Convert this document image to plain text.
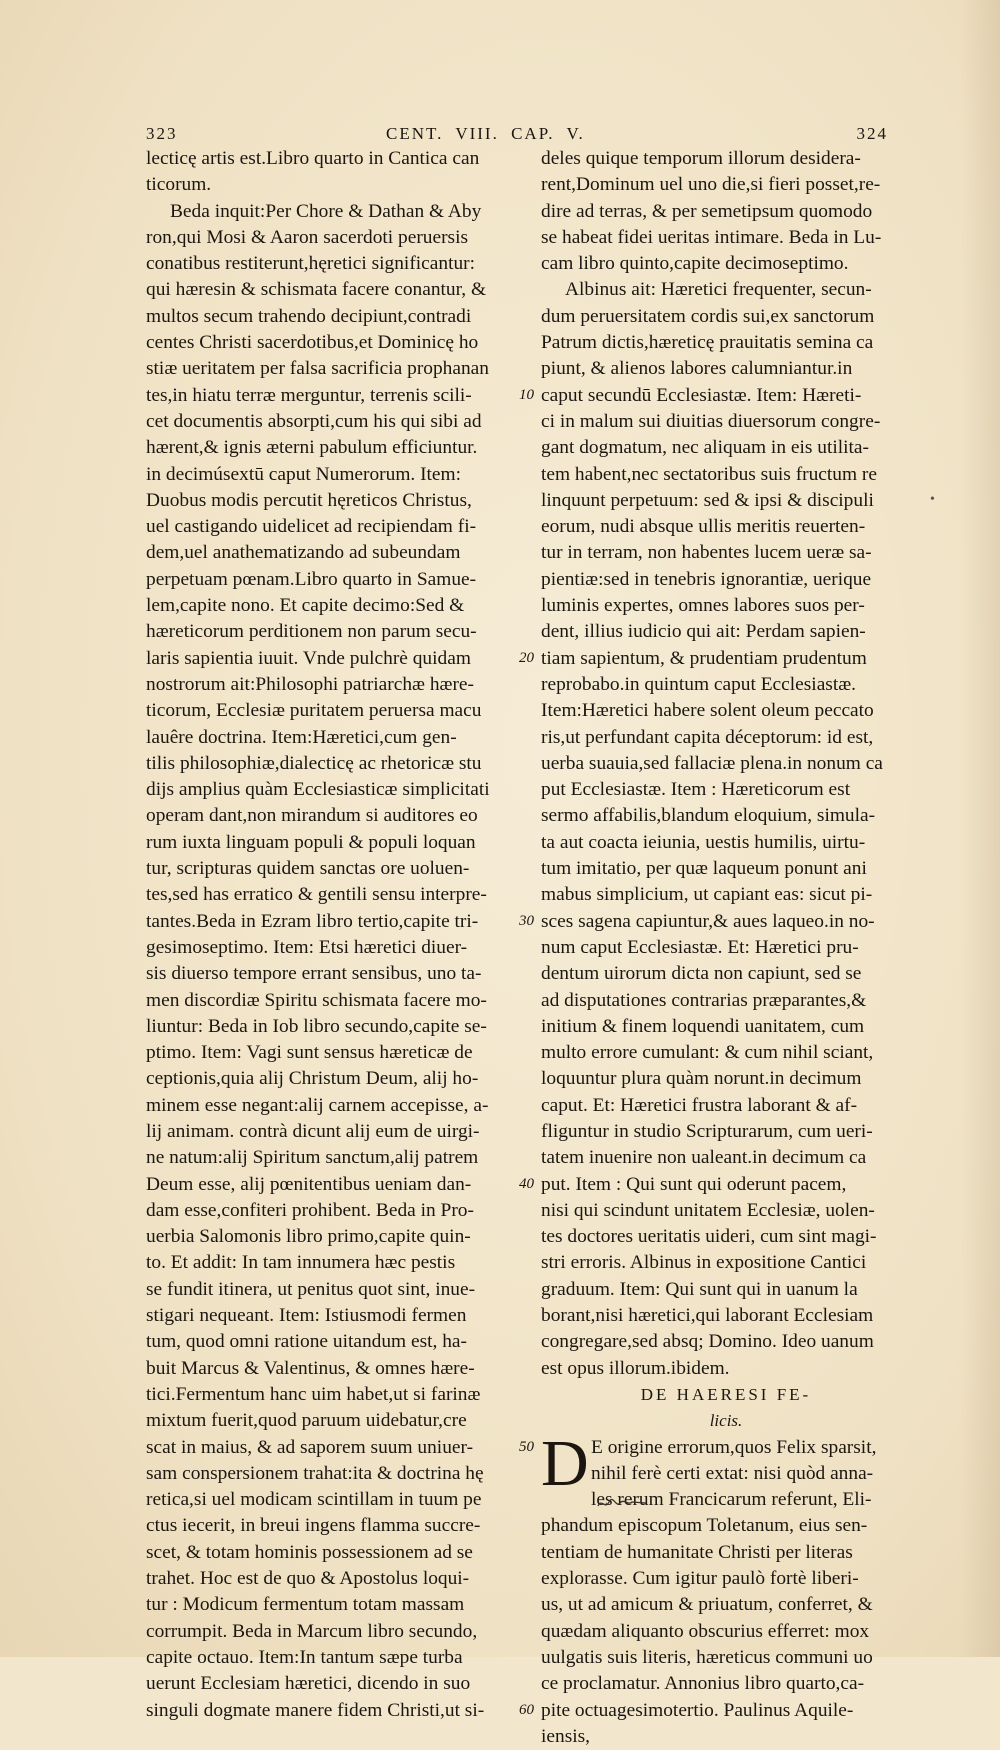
323	CENT. VIII. CAP. V.	324
lecticę artis est.Libro quarto in Cantica can
ticorum.
Beda inquit:Per Chore & Dathan & Aby
ron,qui Mosi & Aaron sacerdoti peruersis
conatibus restiterunt,hęretici significantur:
qui hæresin & schismata facere conantur, &
multos secum trahendo decipiunt,contradi
centes Christi sacerdotibus,et Dominicę ho
stiæ ueritatem per falsa sacrificia prophanan
tes,in hiatu terræ merguntur, terrenis scili-
cet documentis absorpti,cum his qui sibi ad
hærent,& ignis æterni pabulum efficiuntur.
in decimúsextū caput Numerorum. Item:
Duobus modis percutit hęreticos Christus,
uel castigando uidelicet ad recipiendam fi-
dem,uel anathematizando ad subeundam
perpetuam pœnam.Libro quarto in Samue-
lem,capite nono. Et capite decimo:Sed &
hæreticorum perditionem non parum secu-
laris sapientia iuuit. Vnde pulchrè quidam
nostrorum ait:Philosophi patriarchæ hære-
ticorum, Ecclesiæ puritatem peruersa macu
lauêre doctrina. Item:Hæretici,cum gen-
tilis philosophiæ,dialecticę ac rhetoricæ stu
dijs amplius quàm Ecclesiasticæ simplicitati
operam dant,non mirandum si auditores eo
rum iuxta linguam populi & populi loquan
tur, scripturas quidem sanctas ore uoluen-
tes,sed has erratico & gentili sensu interpre-
tantes.Beda in Ezram libro tertio,capite tri-
gesimoseptimo. Item: Etsi hæretici diuer-
sis diuerso tempore errant sensibus, uno ta-
men discordiæ Spiritu schismata facere mo-
liuntur: Beda in Iob libro secundo,capite se-
ptimo. Item: Vagi sunt sensus hæreticæ de
ceptionis,quia alij Christum Deum, alij ho-
minem esse negant:alij carnem accepisse, a-
lij animam. contrà dicunt alij eum de uirgi-
ne natum:alij Spiritum sanctum,alij patrem
Deum esse, alij pœnitentibus ueniam dan-
dam esse,confiteri prohibent. Beda in Pro-
uerbia Salomonis libro primo,capite quin-
to. Et addit: In tam innumera hæc pestis
se fundit itinera, ut penitus quot sint, inue-
stigari nequeant. Item: Istiusmodi fermen
tum, quod omni ratione uitandum est, ha-
buit Marcus & Valentinus, & omnes hære-
tici.Fermentum hanc uim habet,ut si farinæ
mixtum fuerit,quod paruum uidebatur,cre
scat in maius, & ad saporem suum uniuer-
sam conspersionem trahat:ita & doctrina hę
retica,si uel modicam scintillam in tuum pe
ctus iecerit, in breui ingens flamma succre-
scet, & totam hominis possessionem ad se
trahet. Hoc est de quo & Apostolus loqui-
tur : Modicum fermentum totam massam
corrumpit. Beda in Marcum libro secundo,
capite octauo. Item:In tantum sæpe turba
uerunt Ecclesiam hæretici, dicendo in suo
singuli dogmate manere fidem Christi,ut si-
deles quique temporum illorum desidera-
rent,Dominum uel uno die,si fieri posset,re-
dire ad terras, & per semetipsum quomodo
se habeat fidei ueritas intimare. Beda in Lu-
cam libro quinto,capite decimoseptimo.
Albinus ait: Hæretici frequenter, secun-
dum peruersitatem cordis sui,ex sanctorum
Patrum dictis,hæreticę prauitatis semina ca
piunt, & alienos labores calumniantur.in
caput secundū Ecclesiastæ. Item: Hæreti-
ci in malum sui diuitias diuersorum congre-
gant dogmatum, nec aliquam in eis utilita-
tem habent,nec sectatoribus suis fructum re
linquunt perpetuum: sed & ipsi & discipuli
eorum, nudi absque ullis meritis reuerten-
tur in terram, non habentes lucem ueræ sa-
pientiæ:sed in tenebris ignorantiæ, uerique
luminis expertes, omnes labores suos per-
dent, illius iudicio qui ait: Perdam sapien-
tiam sapientum, & prudentiam prudentum
reprobabo.in quintum caput Ecclesiastæ.
Item:Hæretici habere solent oleum peccato
ris,ut perfundant capita déceptorum: id est,
uerba suauia,sed fallaciæ plena.in nonum ca
put Ecclesiastæ. Item : Hæreticorum est
sermo affabilis,blandum eloquium, simula-
ta aut coacta ieiunia, uestis humilis, uirtu-
tum imitatio, per quæ laqueum ponunt ani
mabus simplicium, ut capiant eas: sicut pi-
sces sagena capiuntur,& aues laqueo.in no-
num caput Ecclesiastæ. Et: Hæretici pru-
dentum uirorum dicta non capiunt, sed se
ad disputationes contrarias præparantes,&
initium & finem loquendi uanitatem, cum
multo errore cumulant: & cum nihil sciant,
loquuntur plura quàm norunt.in decimum
caput. Et: Hæretici frustra laborant & af-
fliguntur in studio Scripturarum, cum ueri-
tatem inuenire non ualeant.in decimum ca
put. Item : Qui sunt qui oderunt pacem,
nisi qui scindunt unitatem Ecclesiæ, uolen-
tes doctores ueritatis uideri, cum sint magi-
stri erroris. Albinus in expositione Cantici
graduum. Item: Qui sunt qui in uanum la
borant,nisi hæretici,qui laborant Ecclesiam
congregare,sed absq; Domino. Ideo uanum
est opus illorum.ibidem.
DE HAERESI FE-
licis.
D E origine errorum,quos Felix sparsit,
nihil ferè certi extat: nisi quòd anna-
les rerum Francicarum referunt, Eli-
phandum episcopum Toletanum, eius sen-
tentiam de humanitate Christi per literas
explorasse. Cum igitur paulò fortè liberi-
us, ut ad amicum & priuatum, conferret, &
quædam aliquanto obscurius efferret: mox
uulgatis suis literis, hæreticus communi uo
ce proclamatur. Annonius libro quarto,ca-
pite octuagesimotertio. Paulinus Aquile-
iensis,
10
20
30
40
50
60
•
